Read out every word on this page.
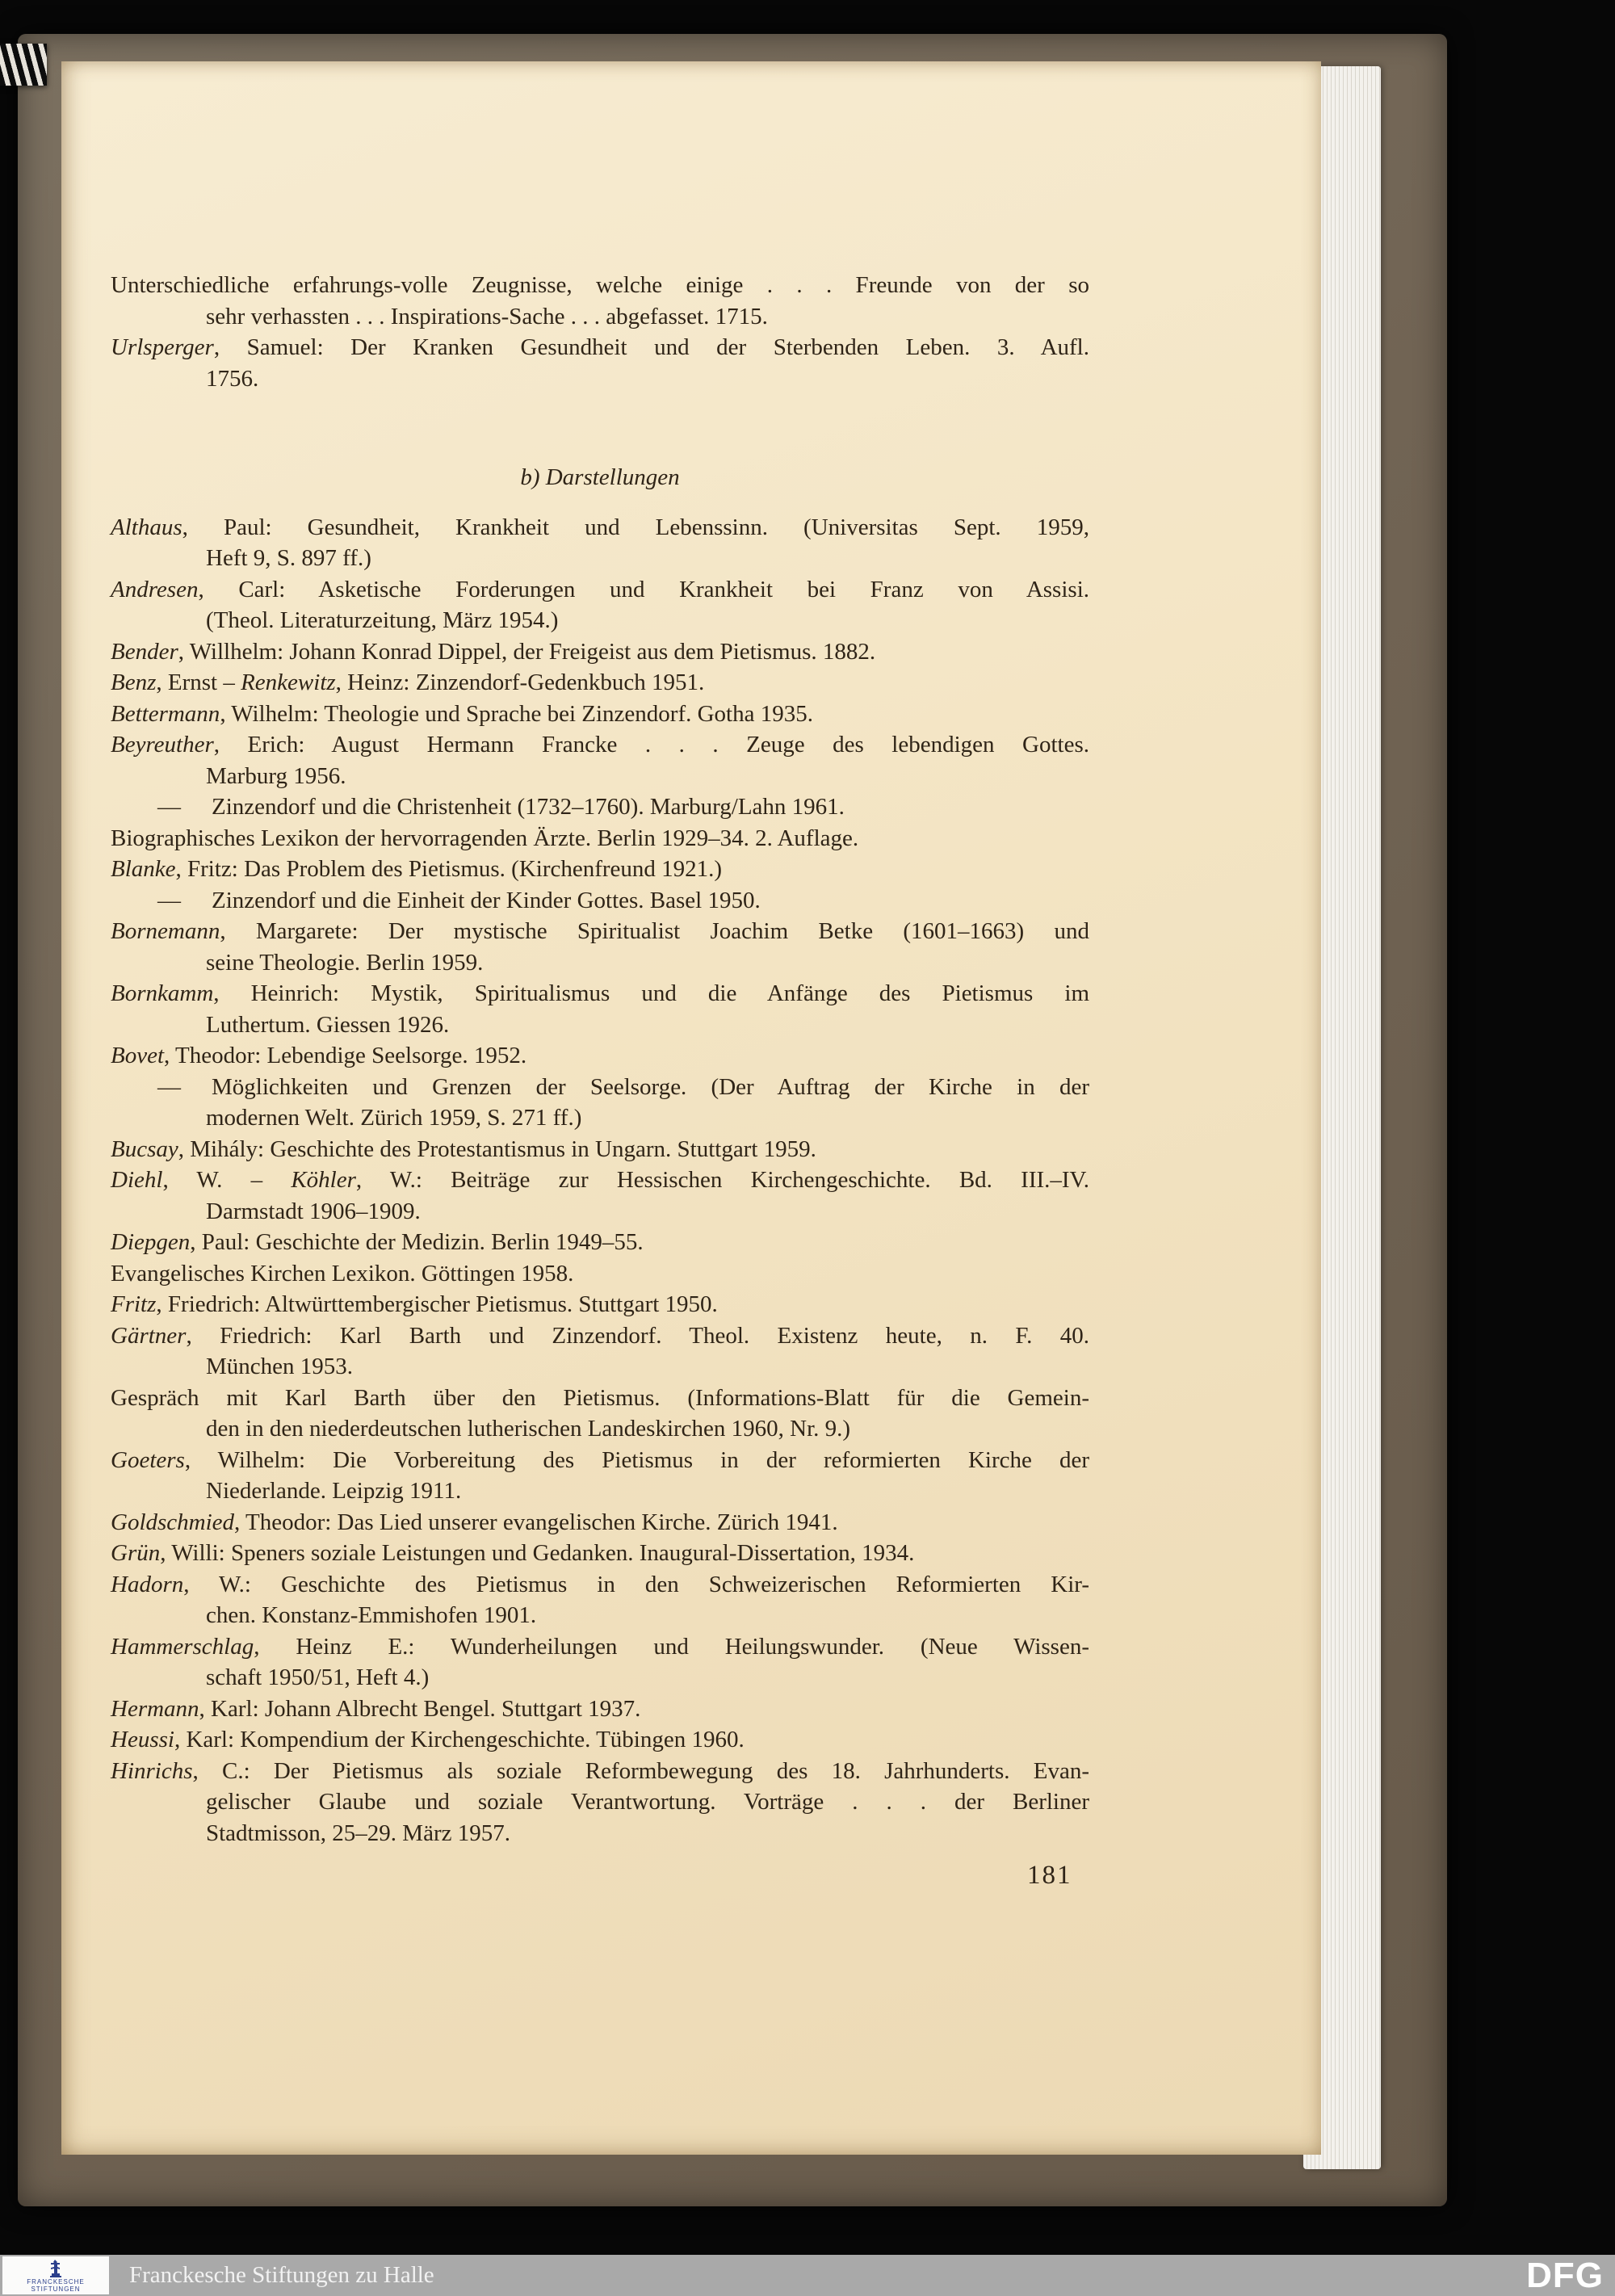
Unterschiedliche erfahrungs-volle Zeugnisse, welche einige . . . Freunde von der so
sehr verhassten . . . Inspirations-Sache . . . abgefasset. 1715.
Urlsperger, Samuel: Der Kranken Gesundheit und der Sterbenden Leben. 3. Aufl.
1756.
b) Darstellungen
Althaus, Paul: Gesundheit, Krankheit und Lebenssinn. (Universitas Sept. 1959,
Heft 9, S. 897 ff.)
Andresen, Carl: Asketische Forderungen und Krankheit bei Franz von Assisi.
(Theol. Literaturzeitung, März 1954.)
Bender, Willhelm: Johann Konrad Dippel, der Freigeist aus dem Pietismus. 1882.
Benz, Ernst – Renkewitz, Heinz: Zinzendorf-Gedenkbuch 1951.
Bettermann, Wilhelm: Theologie und Sprache bei Zinzendorf. Gotha 1935.
Beyreuther, Erich: August Hermann Francke . . . Zeuge des lebendigen Gottes.
Marburg 1956.
— Zinzendorf und die Christenheit (1732–1760). Marburg/Lahn 1961.
Biographisches Lexikon der hervorragenden Ärzte. Berlin 1929–34. 2. Auflage.
Blanke, Fritz: Das Problem des Pietismus. (Kirchenfreund 1921.)
— Zinzendorf und die Einheit der Kinder Gottes. Basel 1950.
Bornemann, Margarete: Der mystische Spiritualist Joachim Betke (1601–1663) und
seine Theologie. Berlin 1959.
Bornkamm, Heinrich: Mystik, Spiritualismus und die Anfänge des Pietismus im
Luthertum. Giessen 1926.
Bovet, Theodor: Lebendige Seelsorge. 1952.
— Möglichkeiten und Grenzen der Seelsorge. (Der Auftrag der Kirche in der
modernen Welt. Zürich 1959, S. 271 ff.)
Bucsay, Mihály: Geschichte des Protestantismus in Ungarn. Stuttgart 1959.
Diehl, W. – Köhler, W.: Beiträge zur Hessischen Kirchengeschichte. Bd. III.–IV.
Darmstadt 1906–1909.
Diepgen, Paul: Geschichte der Medizin. Berlin 1949–55.
Evangelisches Kirchen Lexikon. Göttingen 1958.
Fritz, Friedrich: Altwürttembergischer Pietismus. Stuttgart 1950.
Gärtner, Friedrich: Karl Barth und Zinzendorf. Theol. Existenz heute, n. F. 40.
München 1953.
Gespräch mit Karl Barth über den Pietismus. (Informations-Blatt für die Gemein-
den in den niederdeutschen lutherischen Landeskirchen 1960, Nr. 9.)
Goeters, Wilhelm: Die Vorbereitung des Pietismus in der reformierten Kirche der
Niederlande. Leipzig 1911.
Goldschmied, Theodor: Das Lied unserer evangelischen Kirche. Zürich 1941.
Grün, Willi: Speners soziale Leistungen und Gedanken. Inaugural-Dissertation, 1934.
Hadorn, W.: Geschichte des Pietismus in den Schweizerischen Reformierten Kir-
chen. Konstanz-Emmishofen 1901.
Hammerschlag, Heinz E.: Wunderheilungen und Heilungswunder. (Neue Wissen-
schaft 1950/51, Heft 4.)
Hermann, Karl: Johann Albrecht Bengel. Stuttgart 1937.
Heussi, Karl: Kompendium der Kirchengeschichte. Tübingen 1960.
Hinrichs, C.: Der Pietismus als soziale Reformbewegung des 18. Jahrhunderts. Evan-
gelischer Glaube und soziale Verantwortung. Vorträge . . . der Berliner
Stadtmisson, 25–29. März 1957.
181
FRANCKESCHE
STIFTUNGEN
Franckesche Stiftungen zu Halle	DFG
